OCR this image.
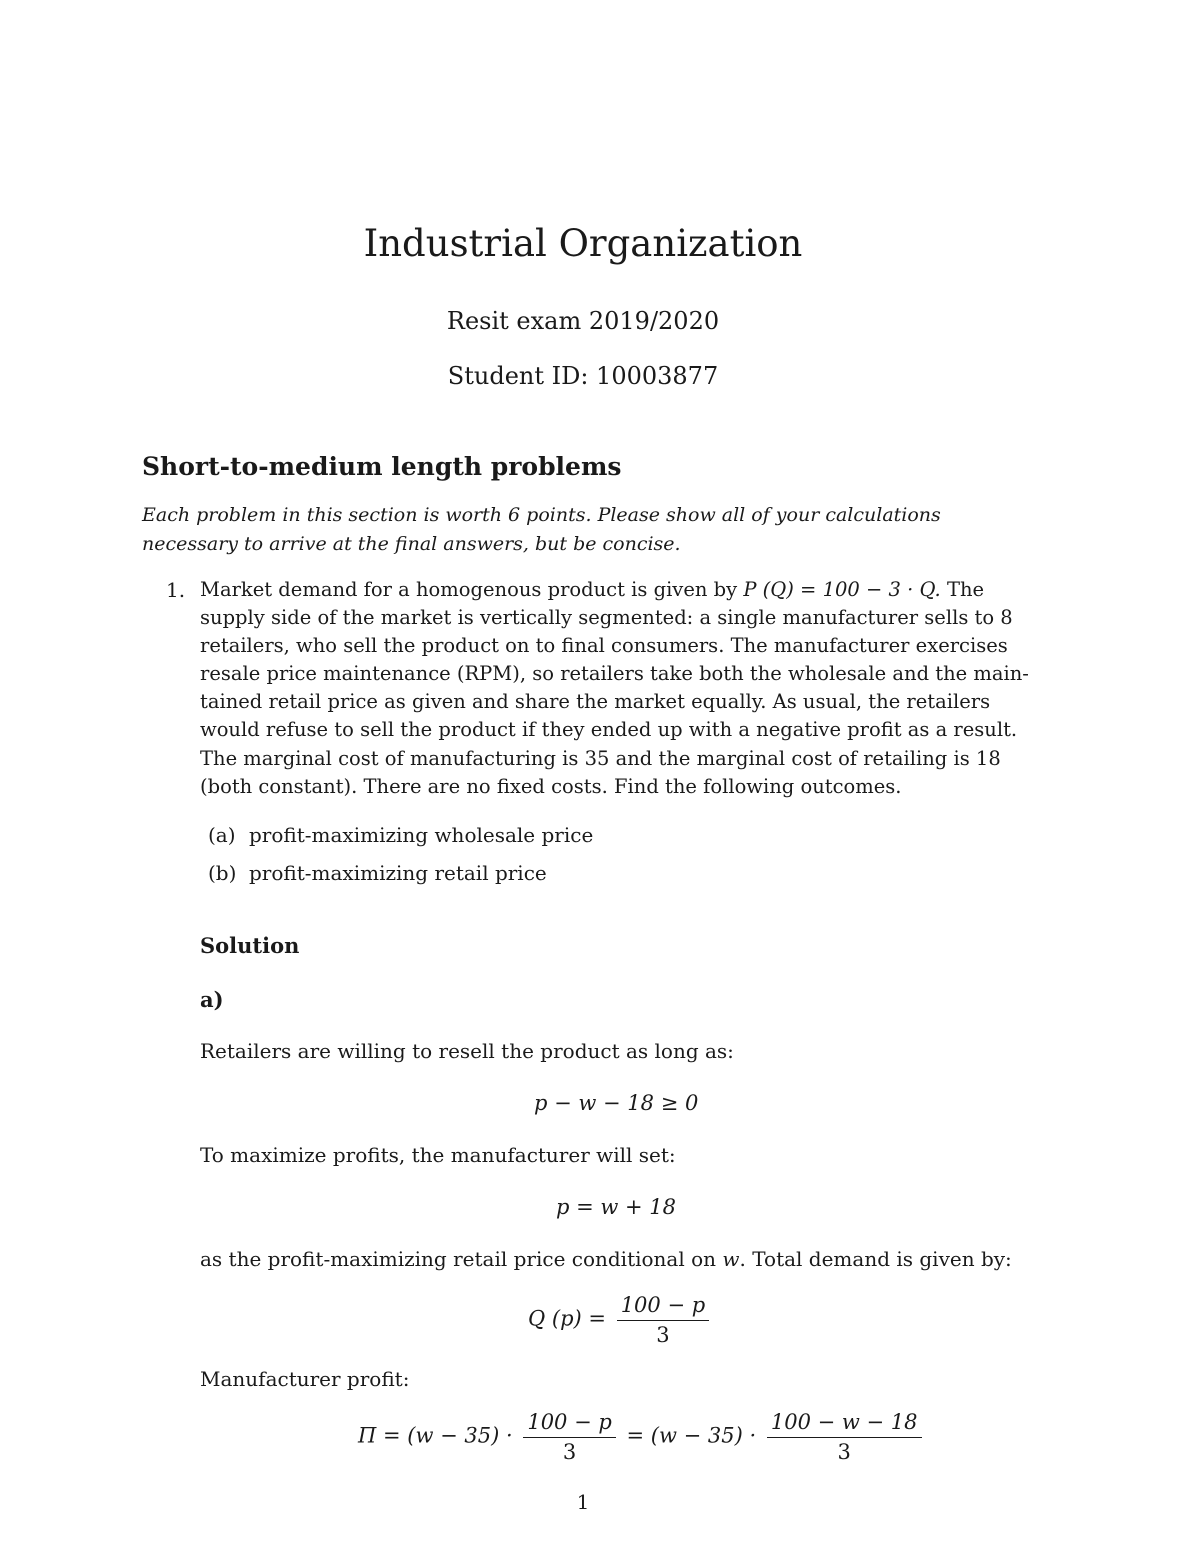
Industrial Organization
Resit exam 2019/2020
Student ID: 10003877
Short-to-medium length problems
Each problem in this section is worth 6 points. Please show all of your calculations
necessary to arrive at the final answers, but be concise.
1. Market demand for a homogenous product is given by P (Q) = 100 − 3 · Q. The
supply side of the market is vertically segmented: a single manufacturer sells to 8
retailers, who sell the product on to final consumers. The manufacturer exercises
resale price maintenance (RPM), so retailers take both the wholesale and the main-
tained retail price as given and share the market equally. As usual, the retailers
would refuse to sell the product if they ended up with a negative profit as a result.
The marginal cost of manufacturing is 35 and the marginal cost of retailing is 18
(both constant). There are no fixed costs. Find the following outcomes.
(a) profit-maximizing wholesale price
(b) profit-maximizing retail price
Solution
a)
Retailers are willing to resell the product as long as:
p − w − 18 ≥ 0
To maximize profits, the manufacturer will set:
p = w + 18
as the profit-maximizing retail price conditional on w. Total demand is given by:
Q $(p) = \frac{100 - p}{3}$
Manufacturer profit:
$\Pi = (w - 35) \cdot \frac{100 - p}{3} = (w - 35) \cdot \frac{100 - w - 18}{3}$
1
